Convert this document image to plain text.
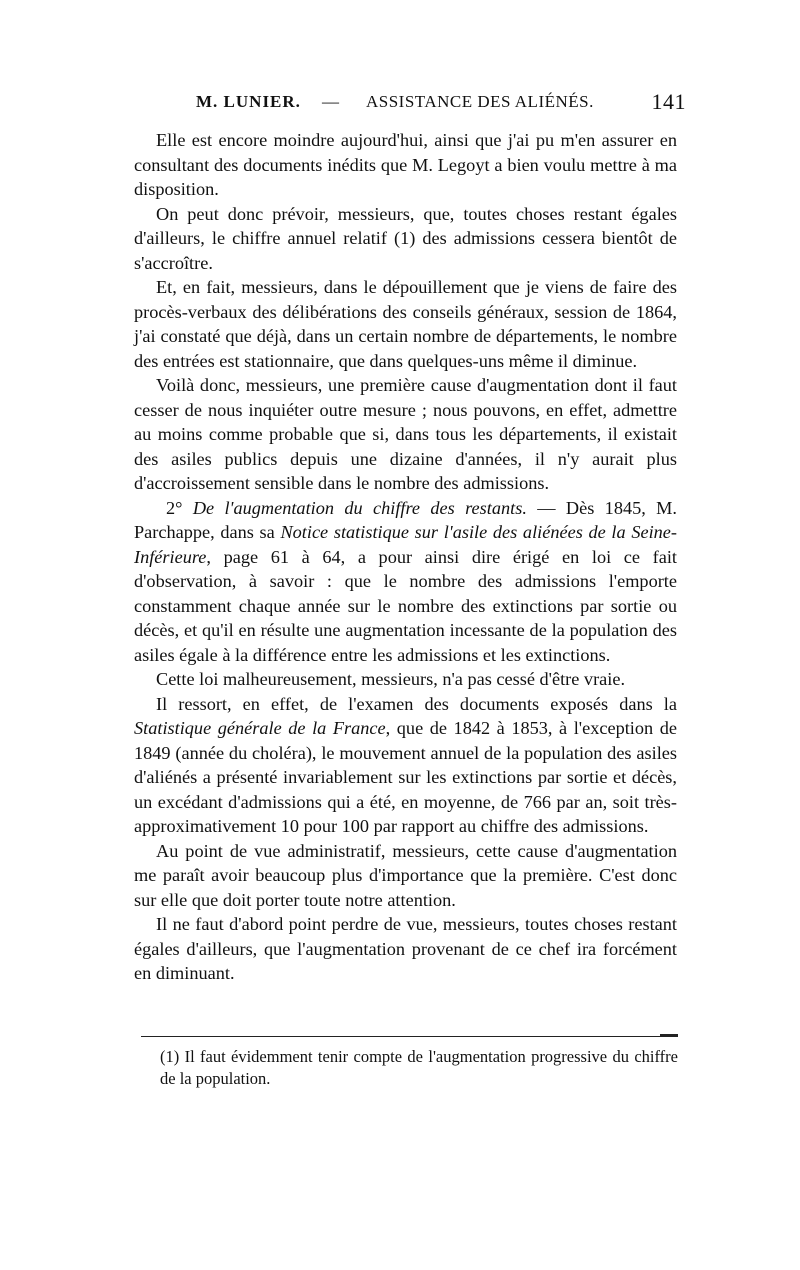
M. LUNIER. — ASSISTANCE DES ALIÉNÉS.	141

Elle est encore moindre aujourd'hui, ainsi que j'ai pu m'en assurer en consultant des documents inédits que M. Legoyt a bien voulu mettre à ma disposition.

On peut donc prévoir, messieurs, que, toutes choses restant égales d'ailleurs, le chiffre annuel relatif (1) des admissions cessera bientôt de s'accroître.

Et, en fait, messieurs, dans le dépouillement que je viens de faire des procès-verbaux des délibérations des conseils généraux, session de 1864, j'ai constaté que déjà, dans un certain nombre de départements, le nombre des entrées est stationnaire, que dans quelques-uns même il diminue.

Voilà donc, messieurs, une première cause d'augmentation dont il faut cesser de nous inquiéter outre mesure ; nous pouvons, en effet, admettre au moins comme probable que si, dans tous les départements, il existait des asiles publics depuis une dizaine d'années, il n'y aurait plus d'accroissement sensible dans le nombre des admissions.

2° De l'augmentation du chiffre des restants. — Dès 1845, M. Parchappe, dans sa Notice statistique sur l'asile des aliénées de la Seine-Inférieure, page 61 à 64, a pour ainsi dire érigé en loi ce fait d'observation, à savoir : que le nombre des admissions l'emporte constamment chaque année sur le nombre des extinctions par sortie ou décès, et qu'il en résulte une augmentation incessante de la population des asiles égale à la différence entre les admissions et les extinctions.

Cette loi malheureusement, messieurs, n'a pas cessé d'être vraie.

Il ressort, en effet, de l'examen des documents exposés dans la Statistique générale de la France, que de 1842 à 1853, à l'exception de 1849 (année du choléra), le mouvement annuel de la population des asiles d'aliénés a présenté invariablement sur les extinctions par sortie et décès, un excédant d'admissions qui a été, en moyenne, de 766 par an, soit très-approximativement 10 pour 100 par rapport au chiffre des admissions.

Au point de vue administratif, messieurs, cette cause d'augmentation me paraît avoir beaucoup plus d'importance que la première. C'est donc sur elle que doit porter toute notre attention.

Il ne faut d'abord point perdre de vue, messieurs, toutes choses restant égales d'ailleurs, que l'augmentation provenant de ce chef ira forcément en diminuant.

(1) Il faut évidemment tenir compte de l'augmentation progressive du chiffre de la population.
